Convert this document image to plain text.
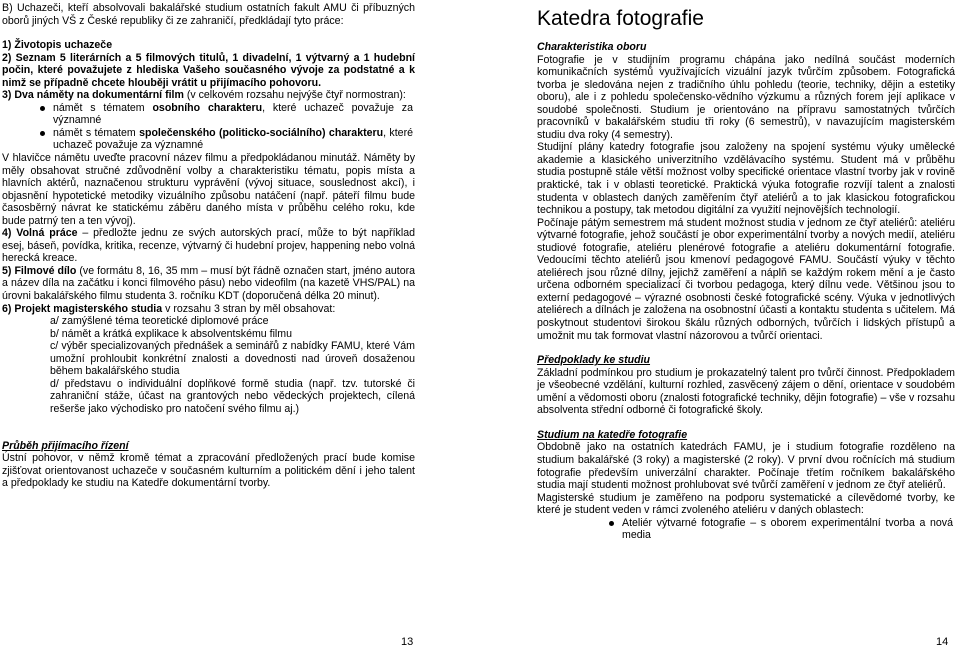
B) Uchazeči, kteří absolvovali bakalářské studium ostatních fakult AMU či příbuzných oborů jiných VŠ z České republiky či ze zahraničí, předkládají tyto práce:

1) Životopis uchazeče

2) Seznam 5 literárních a 5 filmových titulů, 1 divadelní, 1 výtvarný a 1 hudební počin, které považujete z hlediska Vašeho současného vývoje za podstatné a k nimž se případně chcete hlouběji vrátit u přijímacího pohovoru.

3) Dva náměty na dokumentární film (v celkovém rozsahu nejvýše čtyř normostran):

námět s tématem osobního charakteru, které uchazeč považuje za významné
námět s tématem společenského (politicko-sociálního) charakteru, které uchazeč považuje za významné

V hlavičce námětu uveďte pracovní název filmu a předpokládanou minutáž. Náměty by měly obsahovat stručné zdůvodnění volby a charakteristiku tématu, popis místa a hlavních aktérů, naznačenou strukturu vyprávění (vývoj situace, souslednost akcí), i objasnění hypotetické metodiky vizuálního způsobu natáčení (např. páteří filmu bude časosběrný návrat ke statickému záběru daného místa v průběhu celého roku, kde bude patrný ten a ten vývoj).

4) Volná práce – předložte jednu ze svých autorských prací, může to být například esej, báseň, povídka, kritika, recenze, výtvarný či hudební projev, happening nebo volná herecká kreace.

5) Filmové dílo (ve formátu 8, 16, 35 mm – musí být řádně označen start, jméno autora a název díla na začátku i konci filmového pásu) nebo videofilm (na kazetě VHS/PAL) na úrovni bakalářského filmu studenta 3. ročníku KDT (doporučená délka 20 minut).

6) Projekt magisterského studia v rozsahu 3 stran by měl obsahovat:

a/ zamýšlené téma teoretické diplomové práce

b/ námět a krátká explikace k absolventskému filmu

c/ výběr specializovaných přednášek a seminářů z nabídky FAMU, které Vám umožní prohloubit konkrétní znalosti a dovednosti nad úroveň dosaženou během bakalářského studia

d/ představu o individuální doplňkové formě studia (např. tzv. tutorské či zahraniční stáže, účast na grantových nebo vědeckých projektech, cílená rešerše jako východisko pro natočení svého filmu aj.)

Průběh přijímacího řízení

Ústní pohovor, v němž kromě témat a zpracování předložených prací bude komise zjišťovat orientovanost uchazeče v současném kulturním a politickém dění i jeho talent a předpoklady ke studiu na Katedře dokumentární tvorby.

13
Katedra fotografie

Charakteristika oboru

Fotografie je v studijním programu chápána jako nedílná součást moderních komunikačních systémů využívajících vizuální jazyk tvůrčím způsobem. Fotografická tvorba je sledována nejen z tradičního úhlu pohledu (teorie, techniky, dějin a estetiky oboru), ale i z pohledu společensko-vědního výzkumu a různých forem její aplikace v soudobé společnosti. Studium je orientováno na přípravu samostatných tvůrčích pracovníků v bakalářském studiu tři roky (6 semestrů), v navazujícím magisterském studiu dva roky (4 semestry).

Studijní plány katedry fotografie jsou založeny na spojení systému výuky umělecké akademie a klasického univerzitního vzdělávacího systému. Student má v průběhu studia postupně stále větší možnost volby specifické orientace vlastní tvorby jak v rovině praktické, tak i v oblasti teoretické. Praktická výuka fotografie rozvíjí talent a znalosti studenta v oblastech daných zaměřením čtyř ateliérů a to jak klasickou fotografickou technikou a postupy, tak metodou digitální za využití nejnovějších technologií.

Počínaje pátým semestrem má student možnost studia v jednom ze čtyř ateliérů: ateliéru výtvarné fotografie, jehož součástí je obor experimentální tvorby a nových medií, ateliéru studiové fotografie, ateliéru plenérové fotografie a ateliéru dokumentární fotografie. Vedoucími těchto ateliérů jsou kmenoví pedagogové FAMU. Součástí výuky v těchto ateliérech jsou různé dílny, jejichž zaměření a náplň se každým rokem mění a je často určena odborném specializací či tvorbou pedagoga, který dílnu vede. Většinou jsou to externí pedagogové – výrazné osobnosti české fotografické scény. Výuka v jednotlivých ateliérech a dílnách je založena na osobnostní účasti a kontaktu studenta s učitelem. Má poskytnout studentovi širokou škálu různých odborných, tvůrčích i lidských přístupů a umožnit mu tak formovat vlastní názorovou a tvůrčí orientaci.

Předpoklady ke studiu

Základní podmínkou pro studium je prokazatelný talent pro tvůrčí činnost. Předpokladem je všeobecné vzdělání, kulturní rozhled, zasvěcený zájem o dění, orientace v soudobém umění a vědomosti oboru (znalosti fotografické techniky, dějin fotografie) – vše v rozsahu absolventa střední odborné či fotografické školy.

Studium na katedře fotografie

Obdobně jako na ostatních katedrách FAMU, je i studium fotografie rozděleno na studium bakalářské (3 roky) a magisterské (2 roky). V první dvou ročnících má studium fotografie především univerzální charakter. Počínaje třetím ročníkem bakalářského studia mají studenti možnost prohlubovat své tvůrčí zaměření v jednom ze čtyř ateliérů.

Magisterské studium je zaměřeno na podporu systematické a cílevědomé tvorby, ke které je student veden v rámci zvoleného ateliéru v daných oblastech:

Ateliér výtvarné fotografie – s oborem experimentální tvorba a nová media
14
